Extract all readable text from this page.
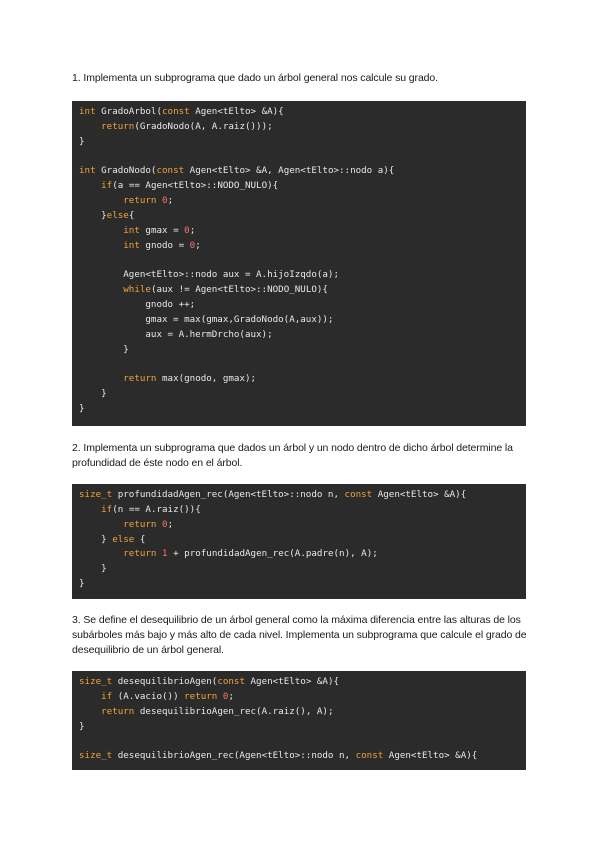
1. Implementa un subprograma que dado un árbol general nos calcule su grado.
int GradoArbol(const Agen<tElto> &A){
return(GradoNodo(A, A.raiz()));
}

int GradoNodo(const Agen<tElto> &A, Agen<tElto>::nodo a){
if(a == Agen<tElto>::NODO_NULO){
return 0;
}else{
int gmax = 0;
int gnodo = 0;

Agen<tElto>::nodo aux = A.hijoIzqdo(a);
while(aux != Agen<tElto>::NODO_NULO){
gnodo ++;
gmax = max(gmax,GradoNodo(A,aux));
aux = A.hermDrcho(aux);
}

return max(gnodo, gmax);
}
}
2. Implementa un subprograma que dados un árbol y un nodo dentro de dicho árbol determine la profundidad de éste nodo en el árbol.
size_t profundidadAgen_rec(Agen<tElto>::nodo n, const Agen<tElto> &A){
if(n == A.raiz()){
return 0;
} else {
return 1 + profundidadAgen_rec(A.padre(n), A);
}
}
3. Se define el desequilibrio de un árbol general como la máxima diferencia entre las alturas de los subárboles más bajo y más alto de cada nivel. Implementa un subprograma que calcule el grado de desequilibrio de un árbol general.
size_t desequilibrioAgen(const Agen<tElto> &A){
if (A.vacio()) return 0;
return desequilibrioAgen_rec(A.raiz(), A);
}

size_t desequilibrioAgen_rec(Agen<tElto>::nodo n, const Agen<tElto> &A){
